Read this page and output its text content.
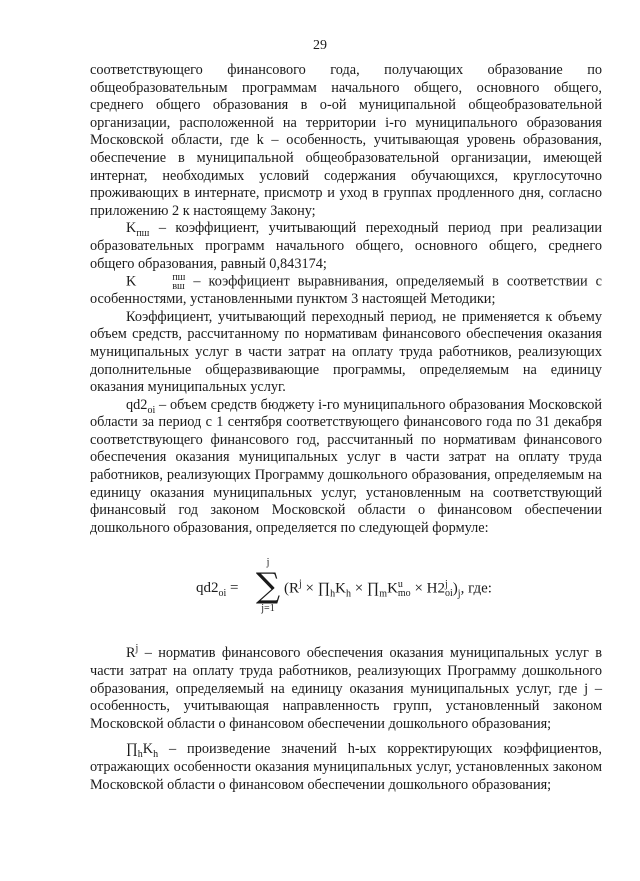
29

соответствующего финансового года, получающих образование по общеобразовательным программам начального общего, основного общего, среднего общего образования в о-ой муниципальной общеобразовательной организации, расположенной на территории i-го муниципального образования Московской области, где k – особенность, учитывающая уровень образования, обеспечение в муниципальной общеобразовательной организации, имеющей интернат, необходимых условий содержания обучающихся, круглосуточно проживающих в интернате, присмотр и уход в группах продленного дня, согласно приложению 2 к настоящему Закону;

$K_{пш}$ – коэффициент, учитывающий переходный период при реализации образовательных программ начального общего, основного общего, среднего общего образования, равный 0,843174;

K	пш
вш – коэффициент выравнивания, определяемый в соответствии с особенностями, установленными пунктом 3 настоящей Методики;

Коэффициент, учитывающий переходный период, не применяется к объему объем средств, рассчитанному по нормативам финансового обеспечения оказания муниципальных услуг в части затрат на оплату труда работников, реализующих дополнительные общеразвивающие программы, определяемым на единицу оказания муниципальных услуг.

$qd2_{oi}$ – объем средств бюджету i-го муниципального образования Московской области за период с 1 сентября соответствующего финансового года по 31 декабря соответствующего финансового год, рассчитанный по нормативам финансового обеспечения оказания муниципальных услуг в части затрат на оплату труда работников, реализующих Программу дошкольного образования, определяемым на единицу оказания муниципальных услуг, установленным на соответствующий финансовый год законом Московской области о финансовом обеспечении дошкольного образования, определяется по следующей формуле:

$qd2_{oi}$ =
j
∑
j=1
($R^j$ × $\prod_hK_h$ × $\prod_mK$ u
mo × H2 j
oi )$_j$, где:

$R^j$ – норматив финансового обеспечения оказания муниципальных услуг в части затрат на оплату труда работников, реализующих Программу дошкольного образования, определяемый на единицу оказания муниципальных услуг, где j – особенность, учитывающая направленность групп, установленный законом Московской области о финансовом обеспечении дошкольного образования;

$\prod_hK_h$ – произведение значений h-ых корректирующих коэффициентов, отражающих особенности оказания муниципальных услуг, установленных законом Московской области о финансовом обеспечении дошкольного образования;
